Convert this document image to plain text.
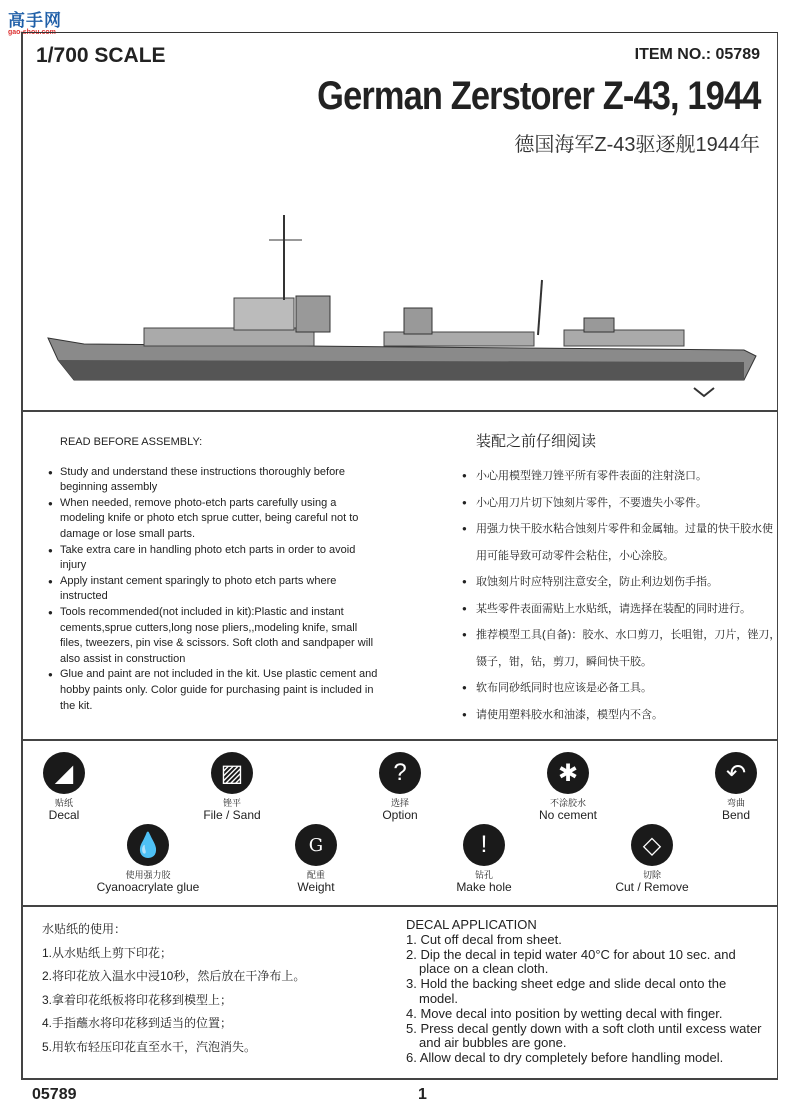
高手网
gao-shou.com
1/700 SCALE	ITEM NO.: 05789
German Zerstorer Z-43, 1944
德国海军Z-43驱逐舰1944年
READ BEFORE ASSEMBLY:
● Study and understand these instructions thoroughly before beginning assembly
● When needed, remove photo-etch parts carefully using a modeling knife or photo etch sprue cutter, being careful not to damage or lose small parts.
● Take extra care in handling photo etch parts in order to avoid injury
● Apply instant cement sparingly to photo etch parts where instructed
● Tools recommended(not included in kit):Plastic and instant cements,sprue cutters,long nose pliers,,modeling knife, small files, tweezers, pin vise & scissors. Soft cloth and sandpaper will also assist in construction
● Glue and paint are not included in the kit. Use plastic cement and hobby paints only. Color guide for purchasing paint is included in the kit.
装配之前仔细阅读
● 小心用模型锉刀锉平所有零件表面的注射浇口。
● 小心用刀片切下蚀刻片零件，不要遗失小零件。
● 用强力快干胶水粘合蚀刻片零件和金属轴。过量的快干胶水使用可能导致可动零件会粘住，小心涂胶。
● 取蚀刻片时应特别注意安全，防止利边划伤手指。
● 某些零件表面需贴上水贴纸，请选择在装配的同时进行。
● 推荐模型工具(自备)：胶水、水口剪刀，长咀钳，刀片，锉刀，镊子，钳，钻，剪刀，瞬间快干胶。
● 软布同砂纸同时也应该是必备工具。
● 请使用塑料胶水和油漆，模型内不含。
◢
贴纸
Decal
▨
锉平
File / Sand
?
选择
Option
✱
不涂胶水
No cement
↶
弯曲
Bend
💧
使用强力胶
Cyanoacrylate glue
G
配重
Weight
!
钻孔
Make hole
◇
切除
Cut / Remove
水贴纸的使用：
1.从水贴纸上剪下印花；
2.将印花放入温水中浸10秒，然后放在干净布上。
3.拿着印花纸板将印花移到模型上；
4.手指蘸水将印花移到适当的位置；
5.用软布轻压印花直至水干，汽泡消失。
DECAL APPLICATION
1. Cut off decal from sheet.
2. Dip the decal in tepid water 40°C for about 10 sec. and place on a clean cloth.
3. Hold the backing sheet edge and slide decal onto the model.
4. Move decal into position by wetting decal with finger.
5. Press decal gently down with a soft cloth until excess water and air bubbles are gone.
6. Allow decal to dry completely before handling model.
05789	1
